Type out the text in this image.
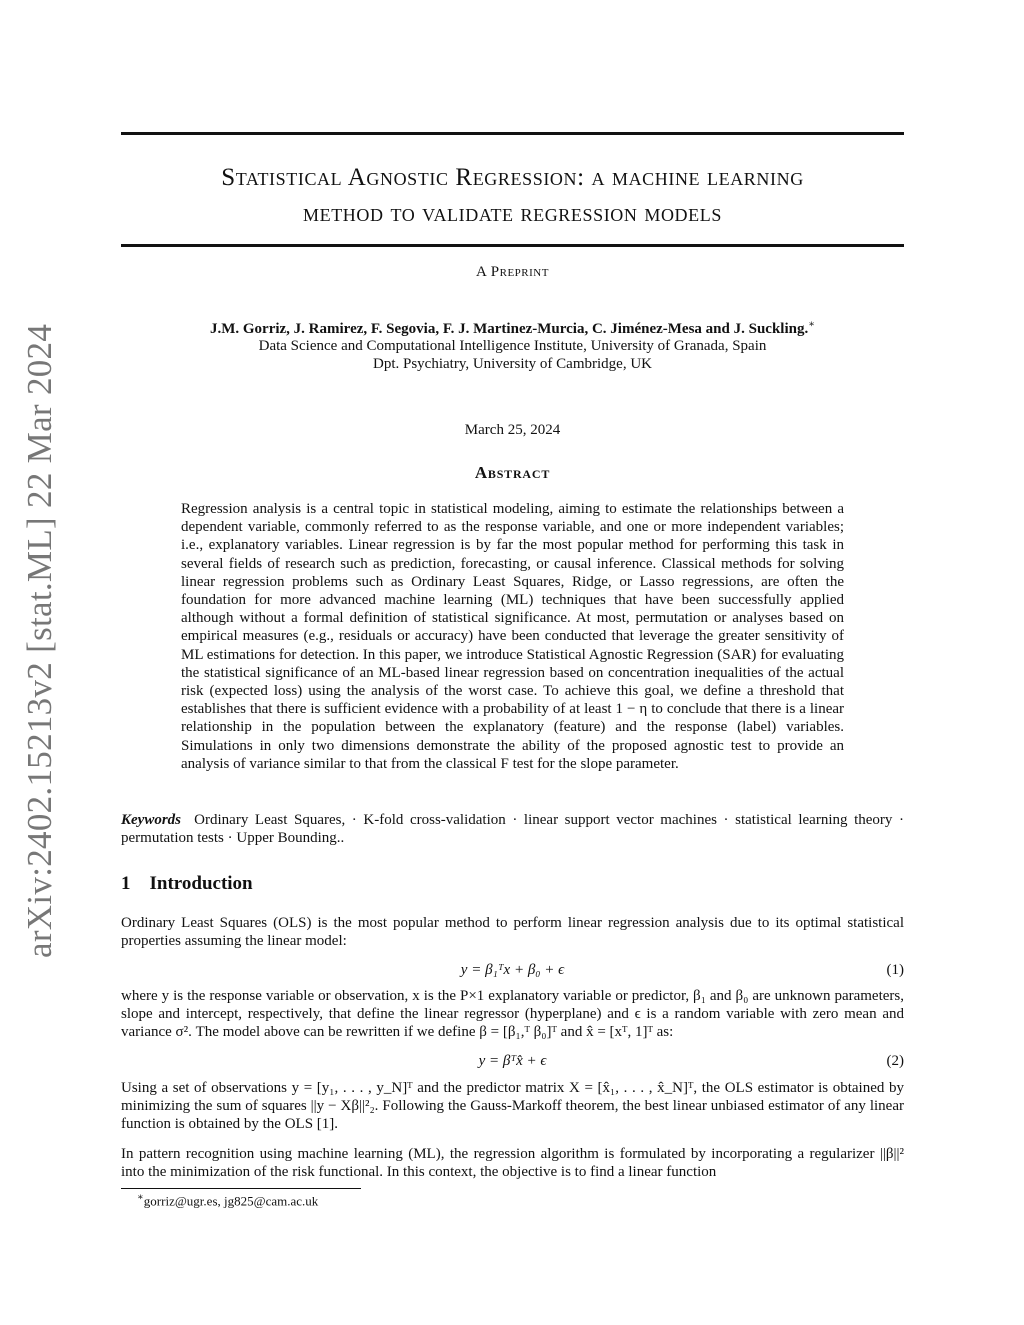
arXiv:2402.15213v2 [stat.ML] 22 Mar 2024
Statistical Agnostic Regression: a machine learning
method to validate regression models
A Preprint
J.M. Gorriz, J. Ramirez, F. Segovia, F. J. Martinez-Murcia, C. Jiménez-Mesa and J. Suckling.∗
Data Science and Computational Intelligence Institute, University of Granada, Spain
Dpt. Psychiatry, University of Cambridge, UK
March 25, 2024
Abstract
Regression analysis is a central topic in statistical modeling, aiming to estimate the relationships between a dependent variable, commonly referred to as the response variable, and one or more independent variables; i.e., explanatory variables. Linear regression is by far the most popular method for performing this task in several fields of research such as prediction, forecasting, or causal inference. Classical methods for solving linear regression problems such as Ordinary Least Squares, Ridge, or Lasso regressions, are often the foundation for more advanced machine learning (ML) techniques that have been successfully applied although without a formal definition of statistical significance. At most, permutation or analyses based on empirical measures (e.g., residuals or accuracy) have been conducted that leverage the greater sensitivity of ML estimations for detection. In this paper, we introduce Statistical Agnostic Regression (SAR) for evaluating the statistical significance of an ML-based linear regression based on concentration inequalities of the actual risk (expected loss) using the analysis of the worst case. To achieve this goal, we define a threshold that establishes that there is sufficient evidence with a probability of at least 1 − η to conclude that there is a linear relationship in the population between the explanatory (feature) and the response (label) variables. Simulations in only two dimensions demonstrate the ability of the proposed agnostic test to provide an analysis of variance similar to that from the classical F test for the slope parameter.
Keywords Ordinary Least Squares, · K-fold cross-validation · linear support vector machines · statistical learning theory · permutation tests · Upper Bounding..
1 Introduction
Ordinary Least Squares (OLS) is the most popular method to perform linear regression analysis due to its optimal statistical properties assuming the linear model:
y = β₁ᵀx + β₀ + ϵ	(1)
where y is the response variable or observation, x is the P×1 explanatory variable or predictor, β₁ and β₀ are unknown parameters, slope and intercept, respectively, that define the linear regressor (hyperplane) and ϵ is a random variable with zero mean and variance σ². The model above can be rewritten if we define β = [β₁,ᵀ β₀]ᵀ and x̂ = [xᵀ, 1]ᵀ as:
y = βᵀx̂ + ϵ	(2)
Using a set of observations y = [y₁, . . . , y_N]ᵀ and the predictor matrix X = [x̂₁, . . . , x̂_N]ᵀ, the OLS estimator is obtained by minimizing the sum of squares ||y − Xβ||²₂. Following the Gauss-Markoff theorem, the best linear unbiased estimator of any linear function is obtained by the OLS [1].
In pattern recognition using machine learning (ML), the regression algorithm is formulated by incorporating a regularizer ||β||² into the minimization of the risk functional. In this context, the objective is to find a linear function
∗gorriz@ugr.es, jg825@cam.ac.uk
